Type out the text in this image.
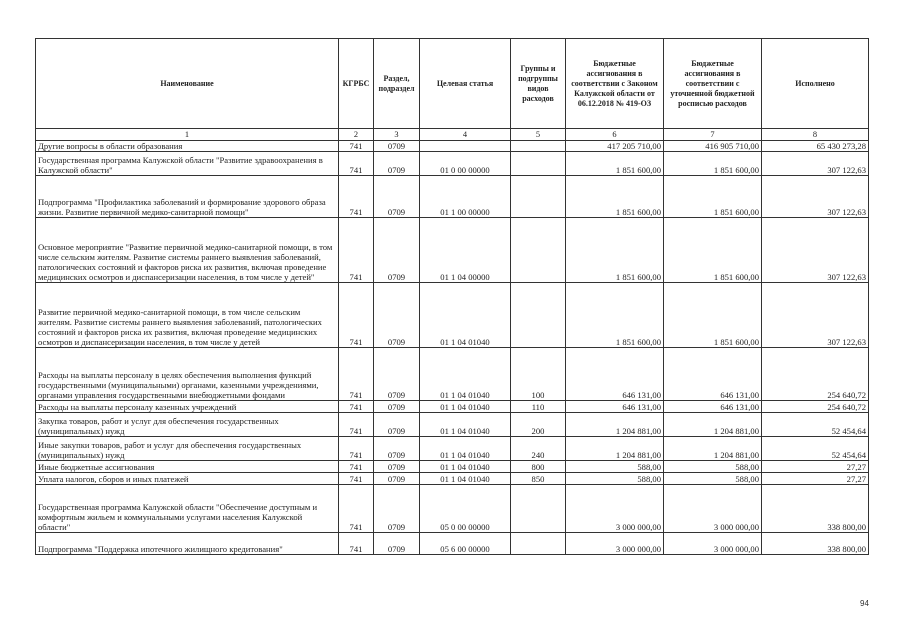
Наименование	КГРБС	Раздел, подраздел	Целевая статья	Группы и подгруппы видов расходов	Бюджетные ассигнования в соответствии с Законом Калужской области от 06.12.2018 № 419-ОЗ	Бюджетные ассигнования в соответствии с уточненной бюджетной росписью расходов	Исполнено
1	2	3	4	5	6	7	8
Другие вопросы в области образования	741	0709			417 205 710,00	416 905 710,00	65 430 273,28
Государственная программа Калужской области "Развитие здравоохранения в Калужской области"	741	0709	01 0 00 00000		1 851 600,00	1 851 600,00	307 122,63
Подпрограмма "Профилактика заболеваний и формирование здорового образа жизни. Развитие первичной медико-санитарной помощи"	741	0709	01 1 00 00000		1 851 600,00	1 851 600,00	307 122,63
Основное мероприятие "Развитие первичной медико-санитарной помощи, в том числе сельским жителям. Развитие системы раннего выявления заболеваний, патологических состояний и факторов риска их развития, включая проведение медицинских осмотров и диспансеризации населения, в том числе у детей"	741	0709	01 1 04 00000		1 851 600,00	1 851 600,00	307 122,63
Развитие первичной медико-санитарной помощи, в том числе сельским жителям. Развитие системы раннего выявления заболеваний, патологических состояний и факторов риска их развития, включая проведение медицинских осмотров и диспансеризации населения, в том числе у детей	741	0709	01 1 04 01040		1 851 600,00	1 851 600,00	307 122,63
Расходы на выплаты персоналу в целях обеспечения выполнения функций государственными (муниципальными) органами, казенными учреждениями, органами управления государственными внебюджетными фондами	741	0709	01 1 04 01040	100	646 131,00	646 131,00	254 640,72
Расходы на выплаты персоналу казенных учреждений	741	0709	01 1 04 01040	110	646 131,00	646 131,00	254 640,72
Закупка товаров, работ и услуг для обеспечения государственных (муниципальных) нужд	741	0709	01 1 04 01040	200	1 204 881,00	1 204 881,00	52 454,64
Иные закупки товаров, работ и услуг для обеспечения государственных (муниципальных) нужд	741	0709	01 1 04 01040	240	1 204 881,00	1 204 881,00	52 454,64
Иные бюджетные ассигнования	741	0709	01 1 04 01040	800	588,00	588,00	27,27
Уплата налогов, сборов и иных платежей	741	0709	01 1 04 01040	850	588,00	588,00	27,27
Государственная программа Калужской области "Обеспечение доступным и комфортным жильем и коммунальными услугами населения Калужской области"	741	0709	05 0 00 00000		3 000 000,00	3 000 000,00	338 800,00
Подпрограмма "Поддержка ипотечного жилищного кредитования"	741	0709	05 6 00 00000		3 000 000,00	3 000 000,00	338 800,00
94
